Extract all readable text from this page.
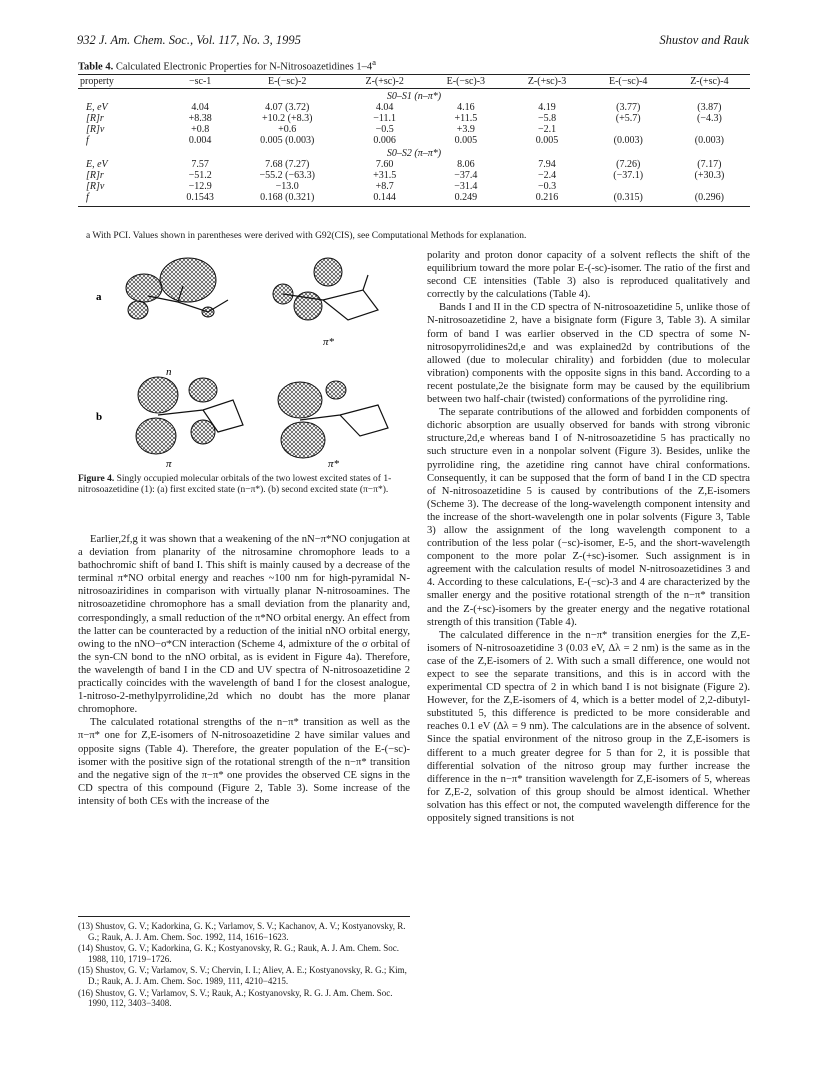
932 J. Am. Chem. Soc., Vol. 117, No. 3, 1995	Shustov and Rauk
Table 4. Calculated Electronic Properties for N-Nitrosoazetidines 1–4$^a$
property	−sc-1	E-(−sc)-2	Z-(+sc)-2	E-(−sc)-3	Z-(+sc)-3	E-(−sc)-4	Z-(+sc)-4
S0–S1 (n–π*)							
E, eV	4.04	4.07 (3.72)	4.04	4.16	4.19	(3.77)	(3.87)
[R]r	+8.38	+10.2 (+8.3)	−11.1	+11.5	−5.8	(+5.7)	(−4.3)
[R]v	+0.8	+0.6	−0.5	+3.9	−2.1		
f	0.004	0.005 (0.003)	0.006	0.005	0.005	(0.003)	(0.003)
S0–S2 (π–π*)							
E, eV	7.57	7.68 (7.27)	7.60	8.06	7.94	(7.26)	(7.17)
[R]r	−51.2	−55.2 (−63.3)	+31.5	−37.4	−2.4	(−37.1)	(+30.3)
[R]v	−12.9	−13.0	+8.7	−31.4	−0.3		
f	0.1543	0.168 (0.321)	0.144	0.249	0.216	(0.315)	(0.296)
a With PCI. Values shown in parentheses were derived with G92(CIS), see Computational Methods for explanation.
a
n
π*
b
π	π*
Figure 4. Singly occupied molecular orbitals of the two lowest excited states of 1-nitrosoazetidine (1): (a) first excited state (n−π*). (b) second excited state (π−π*).

Earlier,2f,g it was shown that a weakening of the nN−π*NO conjugation at a deviation from planarity of the nitrosamine chromophore leads to a bathochromic shift of band I. This shift is mainly caused by a decrease of the terminal π*NO orbital energy and reaches ~100 nm for high-pyramidal N-nitrosoaziridines in comparison with virtually planar N-nitrosoamines. The nitrosoazetidine chromophore has a small deviation from the planarity and, correspondingly, a small reduction of the π*NO orbital energy. An effect from the latter can be counteracted by a reduction of the initial nNO orbital energy, owing to the nNO−σ*CN interaction (Scheme 4, admixture of the σ orbital of the syn-CN bond to the nNO orbital, as is evident in Figure 4a). Therefore, the wavelength of band I in the CD and UV spectra of N-nitrosoazetidine 2 practically coincides with the wavelength of band I for the closest analogue, 1-nitroso-2-methylpyrrolidine,2d which no doubt has the more planar chromophore.

The calculated rotational strengths of the n−π* transition as well as the π−π* one for Z,E-isomers of N-nitrosoazetidine 2 have similar values and opposite signs (Table 4). Therefore, the greater population of the E-(−sc)-isomer with the positive sign of the rotational strength of the n−π* transition and the negative sign of the π−π* one provides the observed CE signs in the CD spectra of this compound (Figure 2, Table 3). Some increase of the intensity of both CEs with the increase of the

(13) Shustov, G. V.; Kadorkina, G. K.; Varlamov, S. V.; Kachanov, A. V.; Kostyanovsky, R. G.; Rauk, A. J. Am. Chem. Soc. 1992, 114, 1616−1623.
(14) Shustov, G. V.; Kadorkina, G. K.; Kostyanovsky, R. G.; Rauk, A. J. Am. Chem. Soc. 1988, 110, 1719−1726.
(15) Shustov, G. V.; Varlamov, S. V.; Chervin, I. I.; Aliev, A. E.; Kostyanovsky, R. G.; Kim, D.; Rauk, A. J. Am. Chem. Soc. 1989, 111, 4210−4215.
(16) Shustov, G. V.; Varlamov, S. V.; Rauk, A.; Kostyanovsky, R. G. J. Am. Chem. Soc. 1990, 112, 3403−3408.

polarity and proton donor capacity of a solvent reflects the shift of the equilibrium toward the more polar E-(-sc)-isomer. The ratio of the first and second CE intensities (Table 3) also is reproduced qualitatively and correctly by the calculations (Table 4).

Bands I and II in the CD spectra of N-nitrosoazetidine 5, unlike those of N-nitrosoazetidine 2, have a bisignate form (Figure 3, Table 3). A similar form of band I was earlier observed in the CD spectra of some N-nitrosopyrrolidines2d,e and was explained2d by contributions of the allowed (due to molecular chirality) and forbidden (due to molecular vibration) components with the opposite signs in this band. According to a recent postulate,2e the bisignate form may be caused by the equilibrium between two half-chair (twisted) conformations of the pyrrolidine ring.

The separate contributions of the allowed and forbidden components of dichoric absorption are usually observed for bands with strong vibronic structure,2d,e whereas band I of N-nitrosoazetidine 5 has practically no such structure even in a nonpolar solvent (Figure 3). Besides, unlike the pyrrolidine ring, the azetidine ring cannot have chiral conformations. Consequently, it can be supposed that the form of band I in the CD spectra of N-nitrosoazetidine 5 is caused by contributions of the Z,E-isomers (Scheme 3). The decrease of the long-wavelength component intensity and the increase of the short-wavelength one in polar solvents (Figure 3, Table 3) allow the assignment of the long wavelength component to a contribution of the less polar (−sc)-isomer, E-5, and the short-wavelength component to the more polar Z-(+sc)-isomer. Such assignment is in agreement with the calculation results of model N-nitrosoazetidines 3 and 4. According to these calculations, E-(−sc)-3 and 4 are characterized by the smaller energy and the positive rotational strength of the n−π* transition and the Z-(+sc)-isomers by the greater energy and the negative rotational strength of this transition (Table 4).

The calculated difference in the n−π* transition energies for the Z,E-isomers of N-nitrosoazetidine 3 (0.03 eV, Δλ = 2 nm) is the same as in the case of the Z,E-isomers of 2. With such a small difference, one would not expect to see the separate transitions, and this is in accord with the experimental CD spectra of 2 in which band I is not bisignate (Figure 2). However, for the Z,E-isomers of 4, which is a better model of 2,2-dibutyl-substituted 5, this difference is predicted to be more considerable and reaches 0.1 eV (Δλ = 9 nm). The calculations are in the absence of solvent. Since the spatial environment of the nitroso group in the Z,E-isomers is different to a much greater degree for 5 than for 2, it is possible that differential solvation of the nitroso group may further increase the difference in the n−π* transition wavelength for Z,E-isomers of 5, whereas for Z,E-2, solvation of this group should be almost identical. Whether solvation has this effect or not, the computed wavelength difference for the oppositely signed transitions is not
